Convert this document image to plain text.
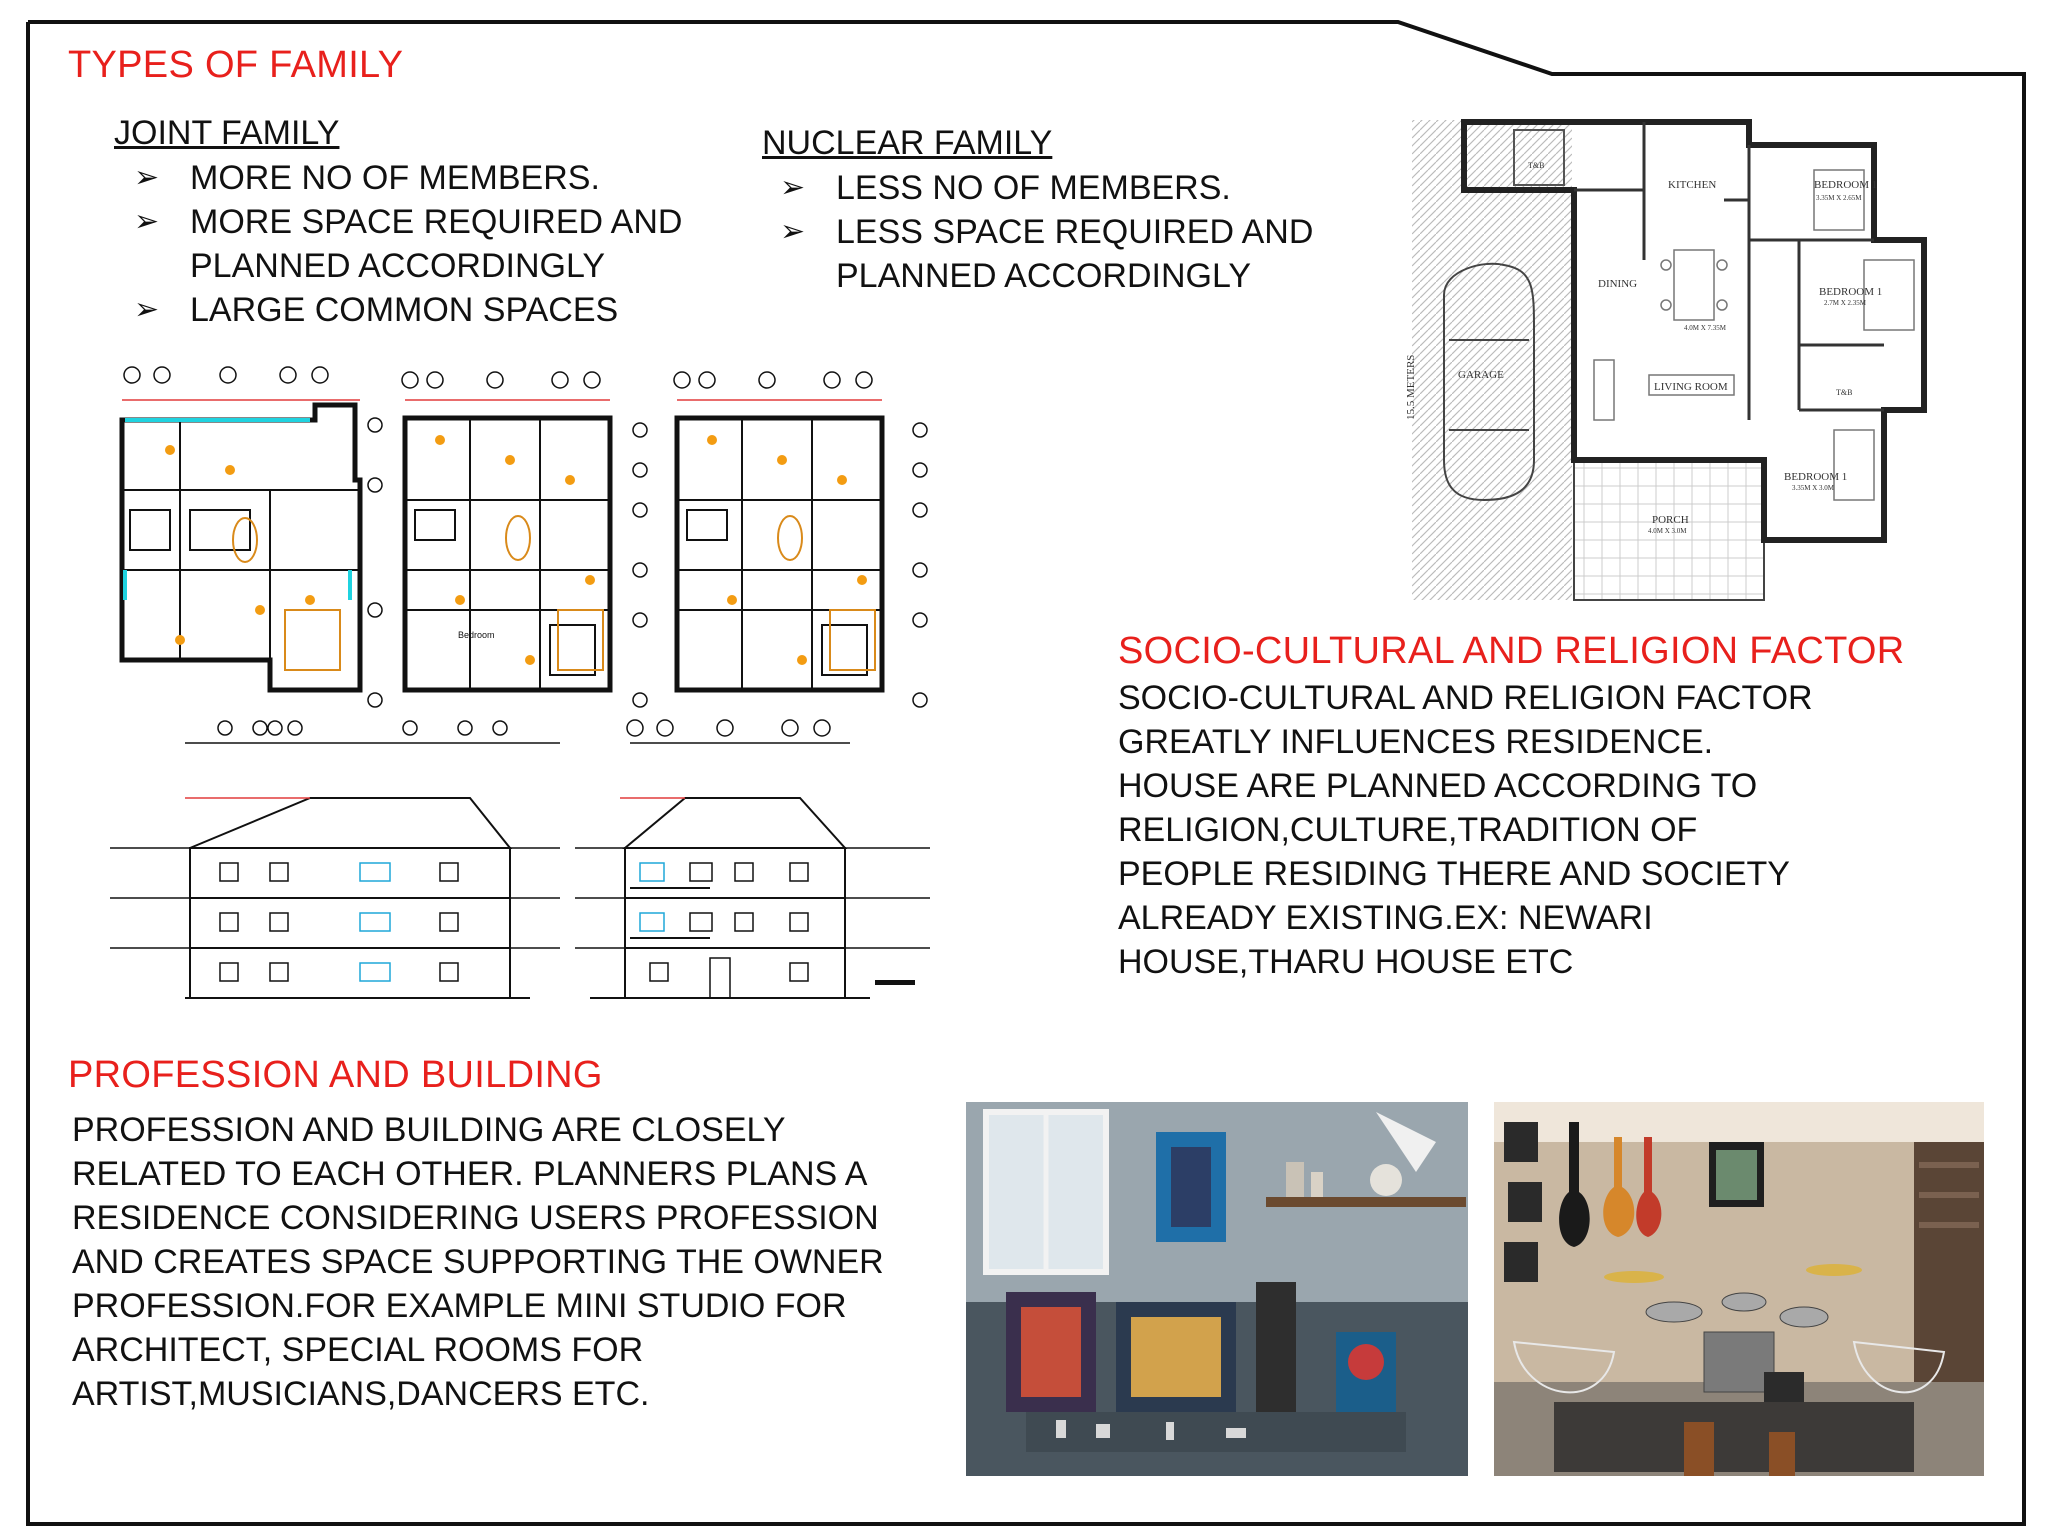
TYPES OF FAMILY
JOINT FAMILY
➢ MORE NO OF MEMBERS.
➢ MORE SPACE REQUIRED AND PLANNED ACCORDINGLY
➢ LARGE COMMON SPACES
NUCLEAR FAMILY
➢ LESS NO OF MEMBERS.
➢ LESS SPACE REQUIRED AND PLANNED ACCORDINGLY
KITCHEN	BEDROOM 1
3.35M X 2.65M
BEDROOM 1
2.7M X 2.35M
DINING
4.0M X 7.35M
GARAGE
LIVING ROOM
BEDROOM 1
3.35M X 3.0M
PORCH
4.0M X 3.0M
T&B
T&B
15.5 METERS
Bedroom	SOCIO-CULTURAL AND RELIGION FACTOR

SOCIO-CULTURAL AND RELIGION FACTOR
GREATLY INFLUENCES RESIDENCE.
HOUSE ARE PLANNED ACCORDING TO
RELIGION,CULTURE,TRADITION OF
PEOPLE RESIDING THERE AND SOCIETY
ALREADY EXISTING.EX: NEWARI
HOUSE,THARU HOUSE ETC

PROFESSION AND BUILDING

PROFESSION AND BUILDING ARE CLOSELY
RELATED TO EACH OTHER. PLANNERS PLANS A
RESIDENCE CONSIDERING USERS PROFESSION
AND CREATES SPACE SUPPORTING THE OWNER
PROFESSION.FOR EXAMPLE MINI STUDIO FOR
ARCHITECT, SPECIAL ROOMS FOR
ARTIST,MUSICIANS,DANCERS ETC.
